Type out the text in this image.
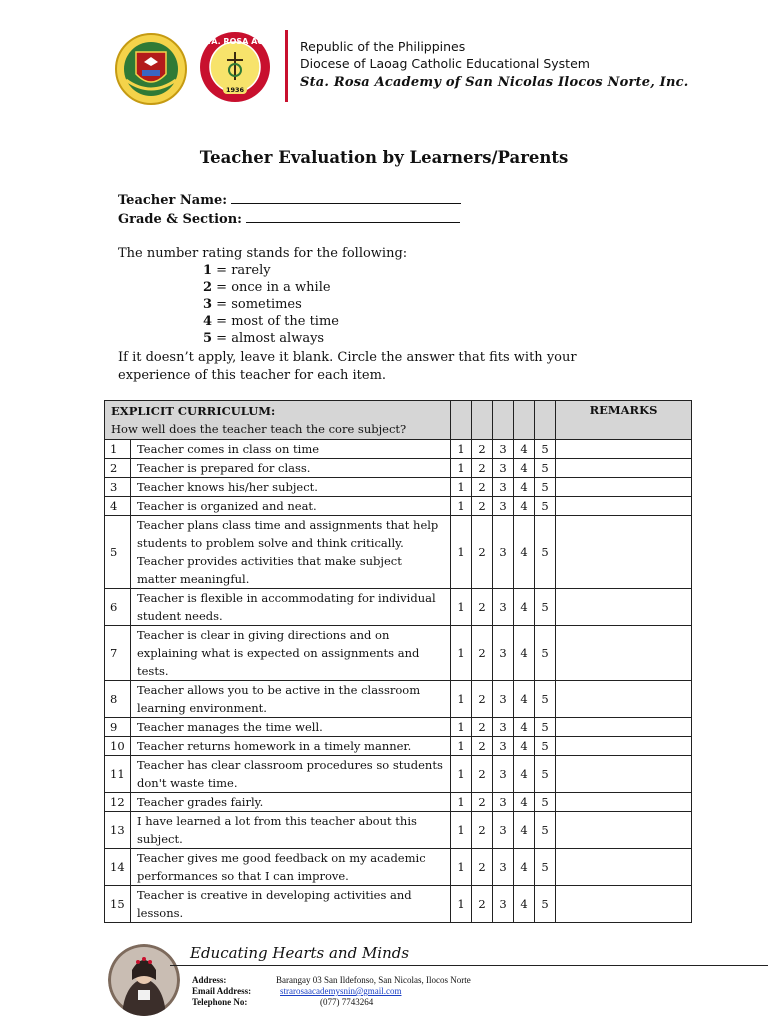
STA. ROSA ACA
1936
Republic of the Philippines
Diocese of Laoag Catholic Educational System
Sta. Rosa Academy of San Nicolas Ilocos Norte, Inc.
Teacher Evaluation by Learners/Parents
Teacher Name:
Grade & Section:
The number rating stands for the following:
1 = rarely
2 = once in a while
3 = sometimes
4 = most of the time
5 = almost always
If it doesn’t apply, leave it blank. Circle the answer that fits with your experience of this teacher for each item.
EXPLICIT CURRICULUM:
How well does the teacher teach the core subject?							REMARKS
1	Teacher comes in class on time	1	2	3	4	5	
2	Teacher is prepared for class.	1	2	3	4	5	
3	Teacher knows his/her subject.	1	2	3	4	5	
4	Teacher is organized and neat.	1	2	3	4	5	
5	Teacher plans class time and assignments that help students to problem solve and think critically. Teacher provides activities that make subject matter meaningful.	1	2	3	4	5	
6	Teacher is flexible in accommodating for individual student needs.	1	2	3	4	5	
7	Teacher is clear in giving directions and on explaining what is expected on assignments and tests.	1	2	3	4	5	
8	Teacher allows you to be active in the classroom learning environment.	1	2	3	4	5	
9	Teacher manages the time well.	1	2	3	4	5	
10	Teacher returns homework in a timely manner.	1	2	3	4	5	
11	Teacher has clear classroom procedures so students don't waste time.	1	2	3	4	5	
12	Teacher grades fairly.	1	2	3	4	5	
13	I have learned a lot from this teacher about this subject.	1	2	3	4	5	
14	Teacher gives me good feedback on my academic performances so that I can improve.	1	2	3	4	5	
15	Teacher is creative in developing activities and lessons.	1	2	3	4	5	
Educating Hearts and Minds
Address:	Barangay 03 San Ildefonso, San Nicolas, Ilocos Norte
Email Address:	strarosaacademysnin@gmail.com
Telephone No:	(077) 7743264
